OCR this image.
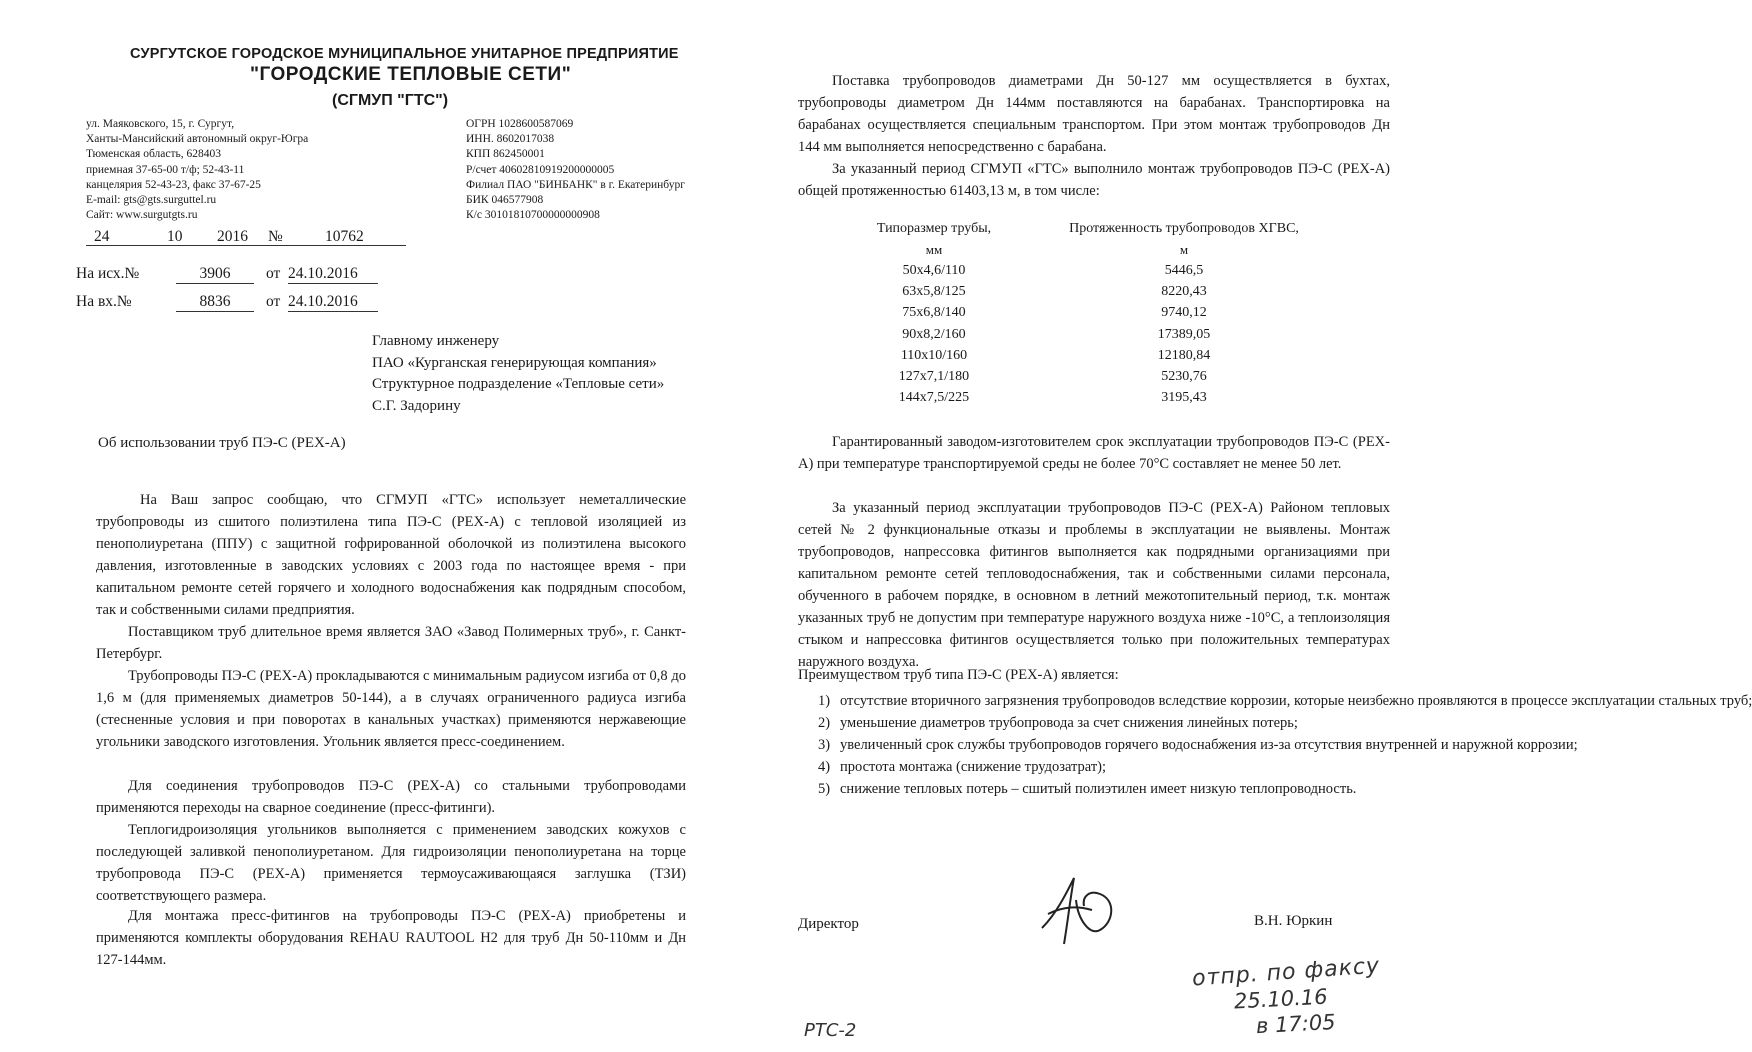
СУРГУТСКОЕ ГОРОДСКОЕ МУНИЦИПАЛЬНОЕ УНИТАРНОЕ ПРЕДПРИЯТИЕ
"ГОРОДСКИЕ ТЕПЛОВЫЕ СЕТИ"
(СГМУП "ГТС")
ул. Маяковского, 15, г. Сургут,
Ханты-Мансийский автономный округ-Югра
Тюменская область, 628403
приемная 37-65-00 т/ф; 52-43-11
канцелярия 52-43-23, факс 37-67-25
E-mail: gts@gts.surguttel.ru
Сайт: www.surgutgts.ru
ОГРН 1028600587069
ИНН. 8602017038
КПП 862450001
Р/счет 40602810919200000005
Филиал ПАО "БИНБАНК" в г. Екатеринбург
БИК 046577908
К/с 30101810700000000908
24	10 2016 №	10762
На исх.№	3906	от 24.10.2016
На вх.№	8836	от 24.10.2016
Главному инженеру
ПАО «Курганская генерирующая компания»
Структурное подразделение «Тепловые сети»
С.Г. Задорину
Об использовании труб ПЭ-С (РЕХ-А)
На Ваш запрос сообщаю, что СГМУП «ГТС» использует неметаллические трубопроводы из сшитого полиэтилена типа ПЭ-С (РЕХ-А) с тепловой изоляцией из пенополиуретана (ППУ) с защитной гофрированной оболочкой из полиэтилена высокого давления, изготовленные в заводских условиях с 2003 года по настоящее время - при капитальном ремонте сетей горячего и холодного водоснабжения как подрядным способом, так и собственными силами предприятия.
Поставщиком труб длительное время является ЗАО «Завод Полимерных труб», г. Санкт-Петербург.
Трубопроводы ПЭ-С (РЕХ-А) прокладываются с минимальным радиусом изгиба от 0,8 до 1,6 м (для применяемых диаметров 50-144), а в случаях ограниченного радиуса изгиба (стесненные условия и при поворотах в канальных участках) применяются нержавеющие угольники заводского изготовления. Угольник является пресс-соединением.
Для соединения трубопроводов ПЭ-С (РЕХ-А) со стальными трубопроводами применяются переходы на сварное соединение (пресс-фитинги).
Теплогидроизоляция угольников выполняется с применением заводских кожухов с последующей заливкой пенополиуретаном. Для гидроизоляции пенополиуретана на торце трубопровода ПЭ-С (РЕХ-А) применяется термоусаживающаяся заглушка (ТЗИ) соответствующего размера.
Для монтажа пресс-фитингов на трубопроводы ПЭ-С (РЕХ-А) приобретены и применяются комплекты оборудования REHAU RAUTOOL H2 для труб Дн 50-110мм и Дн 127-144мм.
Поставка трубопроводов диаметрами Дн 50-127 мм осуществляется в бухтах, трубопроводы диаметром Дн 144мм поставляются на барабанах. Транспортировка на барабанах осуществляется специальным транспортом. При этом монтаж трубопроводов Дн 144 мм выполняется непосредственно с барабана.
За указанный период СГМУП «ГТС» выполнило монтаж трубопроводов ПЭ-С (РЕХ-А) общей протяженностью 61403,13 м, в том числе:
Типоразмер трубы,	Протяженность трубопроводов ХГВС,
мм	м
50х4,6/110	5446,5
63х5,8/125	8220,43
75х6,8/140	9740,12
90х8,2/160	17389,05
110х10/160	12180,84
127х7,1/180	5230,76
144х7,5/225	3195,43
Гарантированный заводом-изготовителем срок эксплуатации трубопроводов ПЭ-С (РЕХ-А) при температуре транспортируемой среды не более 70°С составляет не менее 50 лет.
За указанный период эксплуатации трубопроводов ПЭ-С (РЕХ-А) Районом тепловых сетей № 2 функциональные отказы и проблемы в эксплуатации не выявлены. Монтаж трубопроводов, напрессовка фитингов выполняется как подрядными организациями при капитальном ремонте сетей тепловодоснабжения, так и собственными силами персонала, обученного в рабочем порядке, в основном в летний межотопительный период, т.к. монтаж указанных труб не допустим при температуре наружного воздуха ниже -10°С, а теплоизоляция стыком и напрессовка фитингов осуществляется только при положительных температурах наружного воздуха.
Преимуществом труб типа ПЭ-С (РЕХ-А) является:
1) отсутствие вторичного загрязнения трубопроводов вследствие коррозии, которые неизбежно проявляются в процессе эксплуатации стальных труб;
2) уменьшение диаметров трубопровода за счет снижения линейных потерь;
3) увеличенный срок службы трубопроводов горячего водоснабжения из-за отсутствия внутренней и наружной коррозии;
4) простота монтажа (снижение трудозатрат);
5) снижение тепловых потерь – сшитый полиэтилен имеет низкую теплопроводность.
Директор	В.Н. Юркин
отпр. по факсу
25.10.16
в 17:05
РТС-2
